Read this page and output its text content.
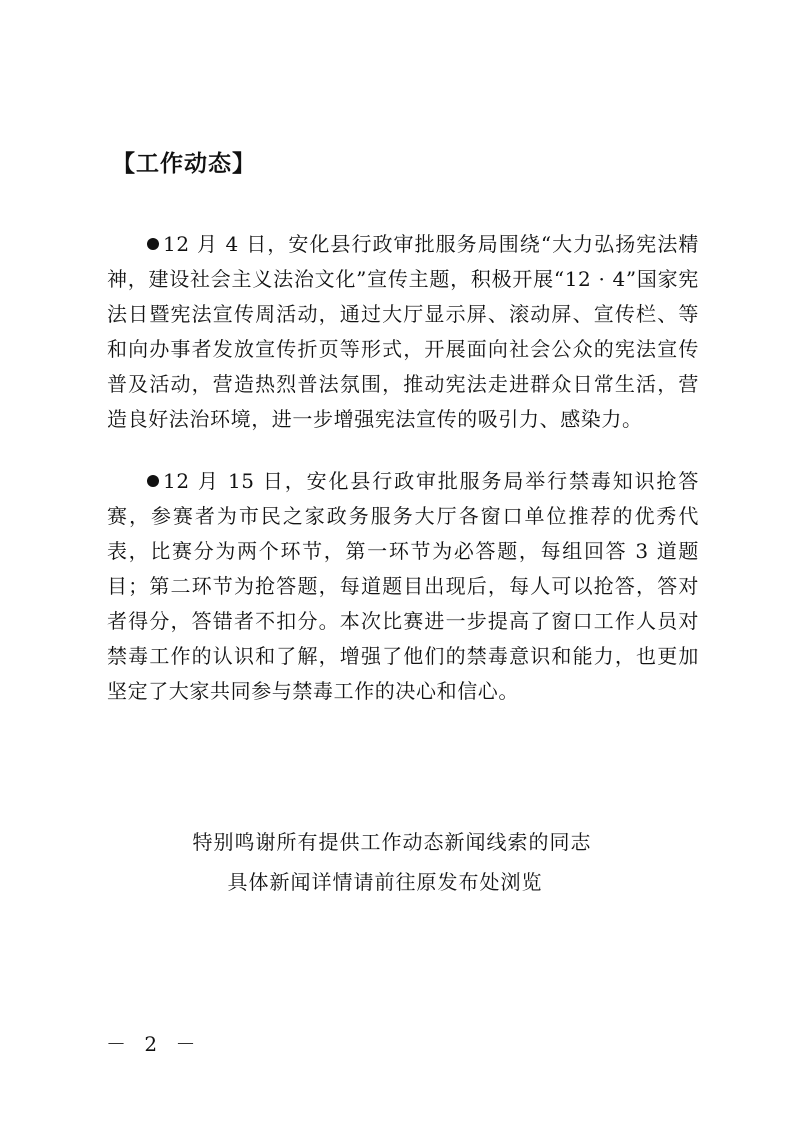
【工作动态】

12 月 4 日，安化县行政审批服务局围绕“大力弘扬宪法精神，建设社会主义法治文化”宣传主题，积极开展“12 · 4”国家宪法日暨宪法宣传周活动，通过大厅显示屏、滚动屏、宣传栏、等和向办事者发放宣传折页等形式，开展面向社会公众的宪法宣传普及活动，营造热烈普法氛围，推动宪法走进群众日常生活，营造良好法治环境，进一步增强宪法宣传的吸引力、感染力。

12 月 15 日，安化县行政审批服务局举行禁毒知识抢答赛，参赛者为市民之家政务服务大厅各窗口单位推荐的优秀代表，比赛分为两个环节，第一环节为必答题，每组回答 3 道题目；第二环节为抢答题，每道题目出现后，每人可以抢答，答对者得分，答错者不扣分。本次比赛进一步提高了窗口工作人员对禁毒工作的认识和了解，增强了他们的禁毒意识和能力，也更加坚定了大家共同参与禁毒工作的决心和信心。

特别鸣谢所有提供工作动态新闻线索的同志

具体新闻详情请前往原发布处浏览

－ 2 －
